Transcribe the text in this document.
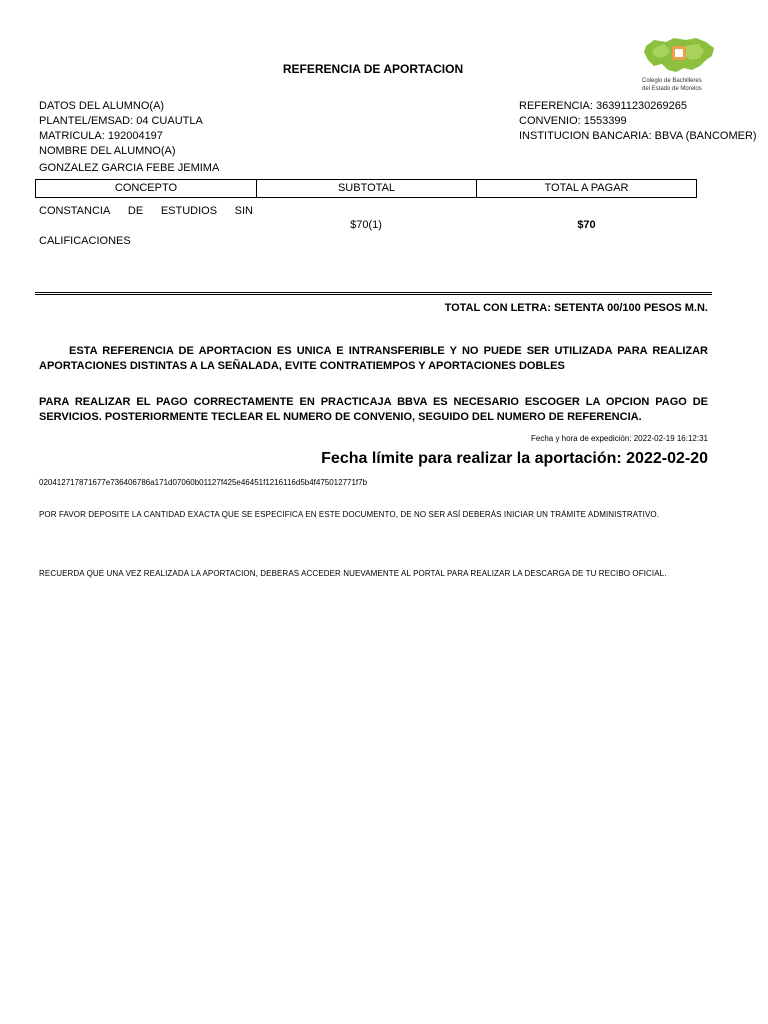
REFERENCIA DE APORTACION
Colegio de Bachilleres
del Estado de Morelos
DATOS DEL ALUMNO(A)
PLANTEL/EMSAD: 04 CUAUTLA
MATRICULA: 192004197
NOMBRE DEL ALUMNO(A)
GONZALEZ GARCIA FEBE JEMIMA
REFERENCIA: 363911230269265
CONVENIO: 1553399
INSTITUCION BANCARIA: BBVA (BANCOMER)
CONCEPTO	SUBTOTAL	TOTAL A PAGAR
CONSTANCIA DE ESTUDIOS SIN
CALIFICACIONES
$70(1)	$70
TOTAL CON LETRA: SETENTA 00/100 PESOS M.N.
ESTA REFERENCIA DE APORTACION ES UNICA E INTRANSFERIBLE Y NO PUEDE SER UTILIZADA PARA REALIZAR APORTACIONES DISTINTAS A LA SEÑALADA, EVITE CONTRATIEMPOS Y APORTACIONES DOBLES
PARA REALIZAR EL PAGO CORRECTAMENTE EN PRACTICAJA BBVA ES NECESARIO ESCOGER LA OPCION PAGO DE SERVICIOS. POSTERIORMENTE TECLEAR EL NUMERO DE CONVENIO, SEGUIDO DEL NUMERO DE REFERENCIA.
Fecha y hora de expedición: 2022-02-19 16:12:31
Fecha límite para realizar la aportación: 2022-02-20
020412717871677e736406786a171d07060b01127f425e46451f1216116d5b4f475012771f7b
POR FAVOR DEPOSITE LA CANTIDAD EXACTA QUE SE ESPECIFICA EN ESTE DOCUMENTO, DE NO SER ASÍ DEBERÁS INICIAR UN TRÁMITE ADMINISTRATIVO.
RECUERDA QUE UNA VEZ REALIZADA LA APORTACION, DEBERAS ACCEDER NUEVAMENTE AL PORTAL PARA REALIZAR LA DESCARGA DE TU RECIBO OFICIAL.
